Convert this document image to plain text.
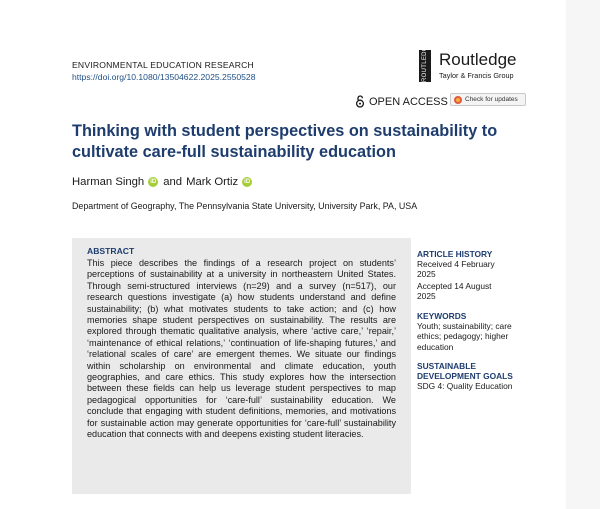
ENVIRONMENTAL EDUCATION RESEARCH
https://doi.org/10.1080/13504622.2025.2550528	ROUTLEDGE Routledge
Taylor & Francis Group
OPEN ACCESS	Check for updates
Thinking with student perspectives on sustainability to cultivate care-full sustainability education
Harman Singh	iD and Mark Ortiz	iD
Department of Geography, The Pennsylvania State University, University Park, PA, USA
ABSTRACT
This piece describes the findings of a research project on students’ perceptions of sustainability at a university in northeastern United States. Through semi-structured interviews (n=29) and a survey (n=517), our research questions investigate (a) how students understand and define sustainability; (b) what motivates students to take action; and (c) how memories shape student perspectives on sustainability. The results are explored through thematic qualitative analysis, where ‘active care,’ ‘repair,’ ‘maintenance of ethical relations,’ ‘continuation of life-shaping futures,’ and ‘relational scales of care’ are emergent themes. We situate our findings within scholarship on environmental and climate education, youth geographies, and care ethics. This study explores how the intersection between these fields can help us leverage student perspectives to map pedagogical opportunities for ‘care-full’ sustainability education. We conclude that engaging with student definitions, memories, and motivations for sustainable action may generate opportunities for ‘care-full’ sustainability education that connects with and deepens existing student literacies.
ARTICLE HISTORY
Received 4 February 2025
Accepted 14 August 2025
KEYWORDS
Youth; sustainability; care ethics; pedagogy; higher education
SUSTAINABLE DEVELOPMENT GOALS
SDG 4: Quality Education
